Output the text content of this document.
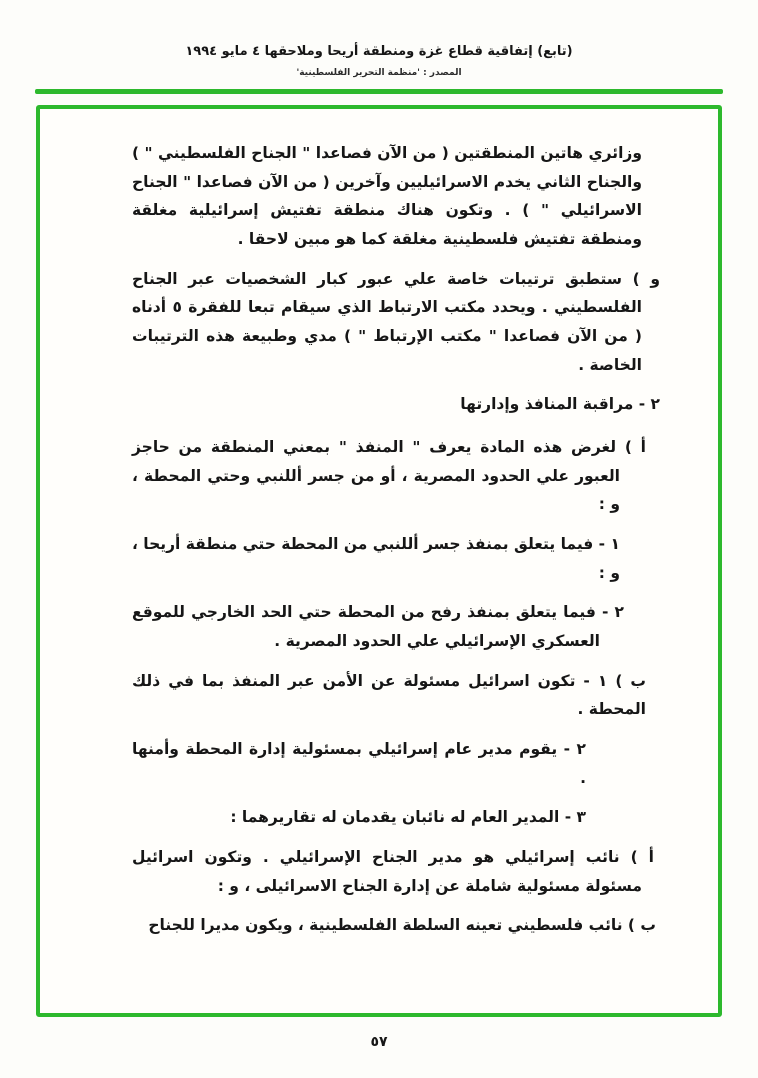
(تابع) إتفاقية قطاع غزة ومنطقة أريحا وملاحقها ٤ مايو ١٩٩٤
المصدر : 'منظمة التحرير الفلسطينية'

وزائري هاتين المنطقتين ( من الآن فصاعدا " الجناح الفلسطيني " ) والجناح الثاني يخدم الاسرائيليين وآخرين ( من الآن فصاعدا " الجناح الاسرائيلي " ) . وتكون هناك منطقة تفتيش إسرائيلية مغلقة ومنطقة تفتيش فلسطينية مغلقة كما هو مبين لاحقا .

و ) ستطبق ترتيبات خاصة علي عبور كبار الشخصيات عبر الجناح الفلسطيني . ويحدد مكتب الارتباط الذي سيقام تبعا للفقرة ٥ أدناه ( من الآن فصاعدا " مكتب الإرتباط " ) مدي وطبيعة هذه الترتيبات الخاصة .

٢ - مراقبة المنافذ وإدارتها

أ ) لغرض هذه المادة يعرف " المنفذ " بمعني المنطقة من حاجز العبور علي الحدود المصرية ، أو من جسر أللنبي وحتي المحطة ، و :

١ - فيما يتعلق بمنفذ جسر أللنبي من المحطة حتي منطقة أريحا ، و :

٢ - فيما يتعلق بمنفذ رفح من المحطة حتي الحد الخارجي للموقع العسكري الإسرائيلي علي الحدود المصرية .

ب ) ١ - تكون اسرائيل مسئولة عن الأمن عبر المنفذ بما في ذلك المحطة .

٢ - يقوم مدير عام إسرائيلي بمسئولية إدارة المحطة وأمنها .

٣ - المدير العام له نائبان يقدمان له تقاريرهما :

أ ) نائب إسرائيلي هو مدير الجناح الإسرائيلي . وتكون اسرائيل مسئولة مسئولية شاملة عن إدارة الجناح الاسرائيلى ، و :

ب ) نائب فلسطيني تعينه السلطة الفلسطينية ، ويكون مديرا للجناح

٥٧
